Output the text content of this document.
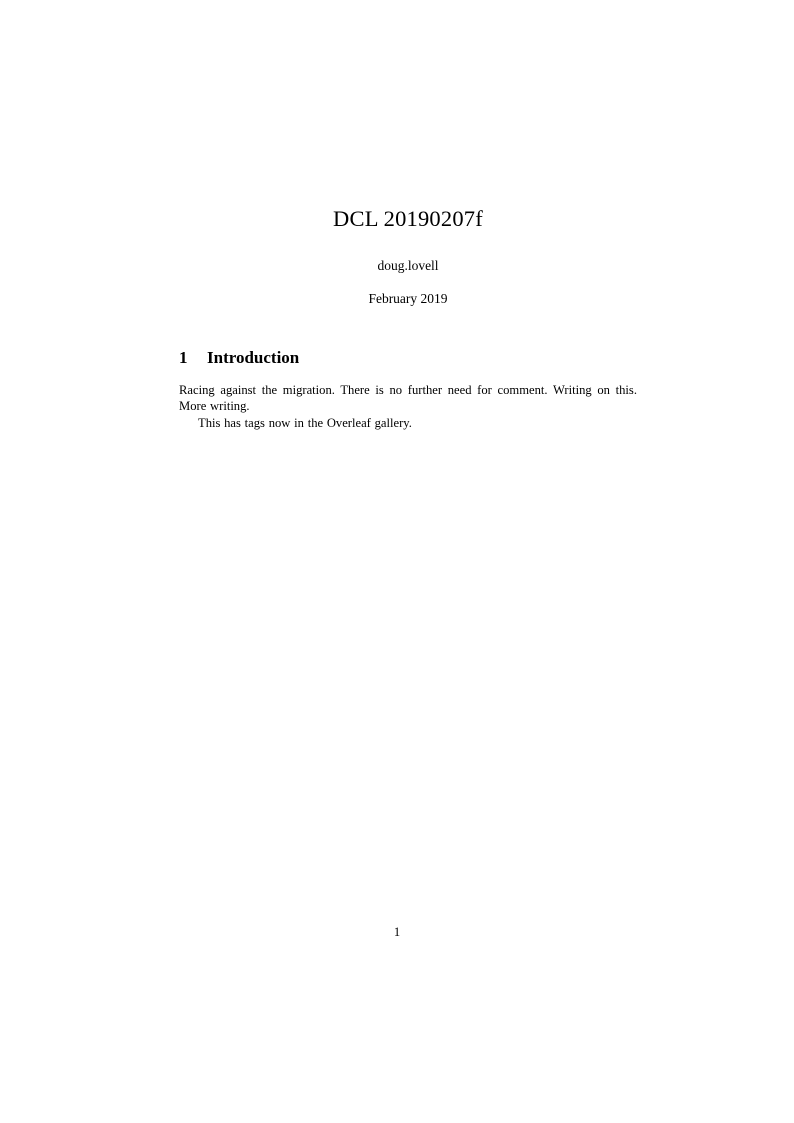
DCL 20190207f

doug.lovell

February 2019

1	Introduction

Racing against the migration. There is no further need for comment. Writing on this. More writing.

This has tags now in the Overleaf gallery.

1
